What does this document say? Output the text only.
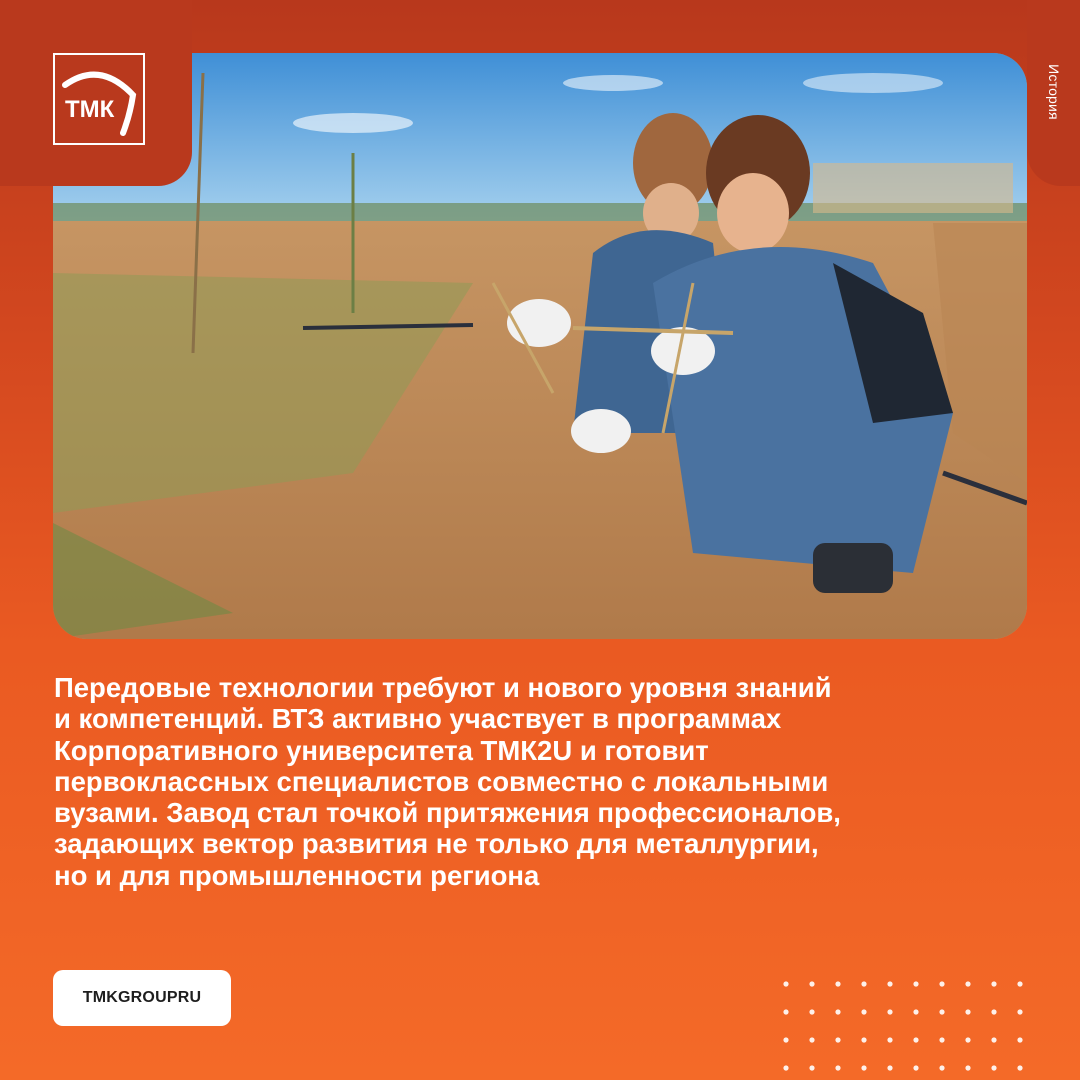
ТМК	История
Передовые технологии требуют и нового уровня знаний
и компетенций. ВТЗ активно участвует в программах
Корпоративного университета ТМК2U и готовит
первоклассных специалистов совместно с локальными
вузами. Завод стал точкой притяжения профессионалов,
задающих вектор развития не только для металлургии,
но и для промышленности региона
TMKGROUPRU
